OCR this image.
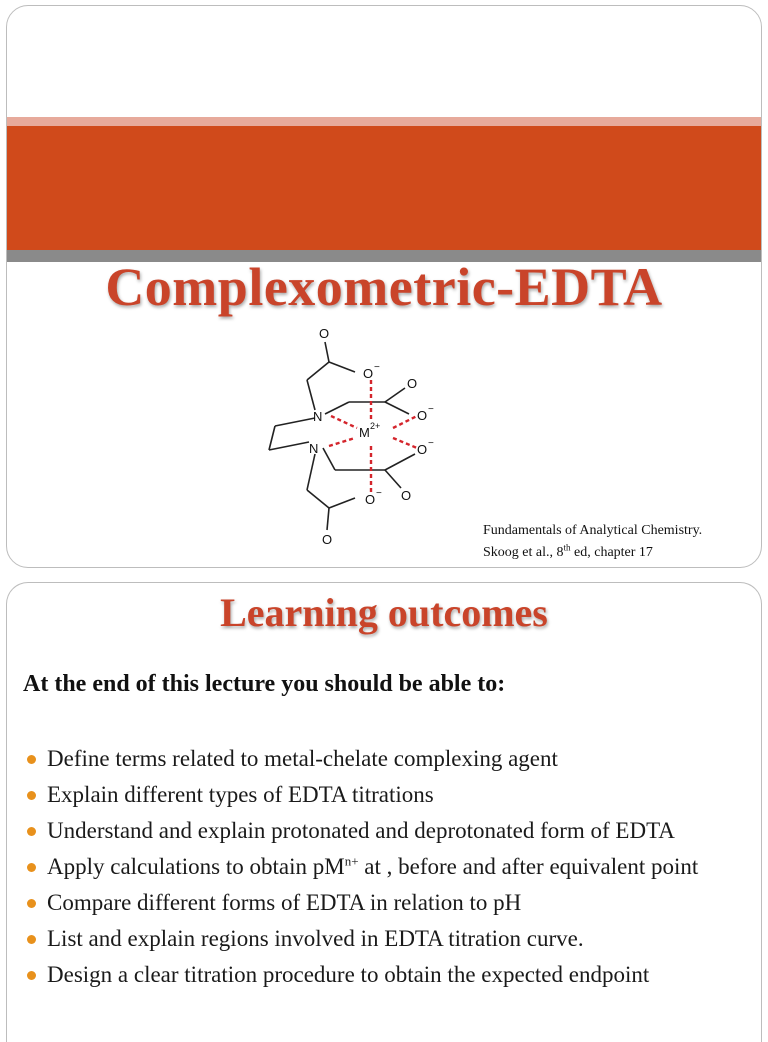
Complexometric-EDTA
O
O −
O
O −
N
M 2+
N	O −
O
O −
O
Fundamentals of Analytical Chemistry.
Skoog et al., 8th ed, chapter 17
Learning outcomes
At the end of this lecture you should be able to:
Define terms related to metal-chelate complexing agent
Explain different types of EDTA titrations
Understand and explain protonated and deprotonated form of EDTA
Apply calculations to obtain $pM^{n+}$ at , before and after equivalent point
Compare different forms of EDTA in relation to pH
List and explain regions involved in EDTA titration curve.
Design a clear titration procedure to obtain the expected endpoint
